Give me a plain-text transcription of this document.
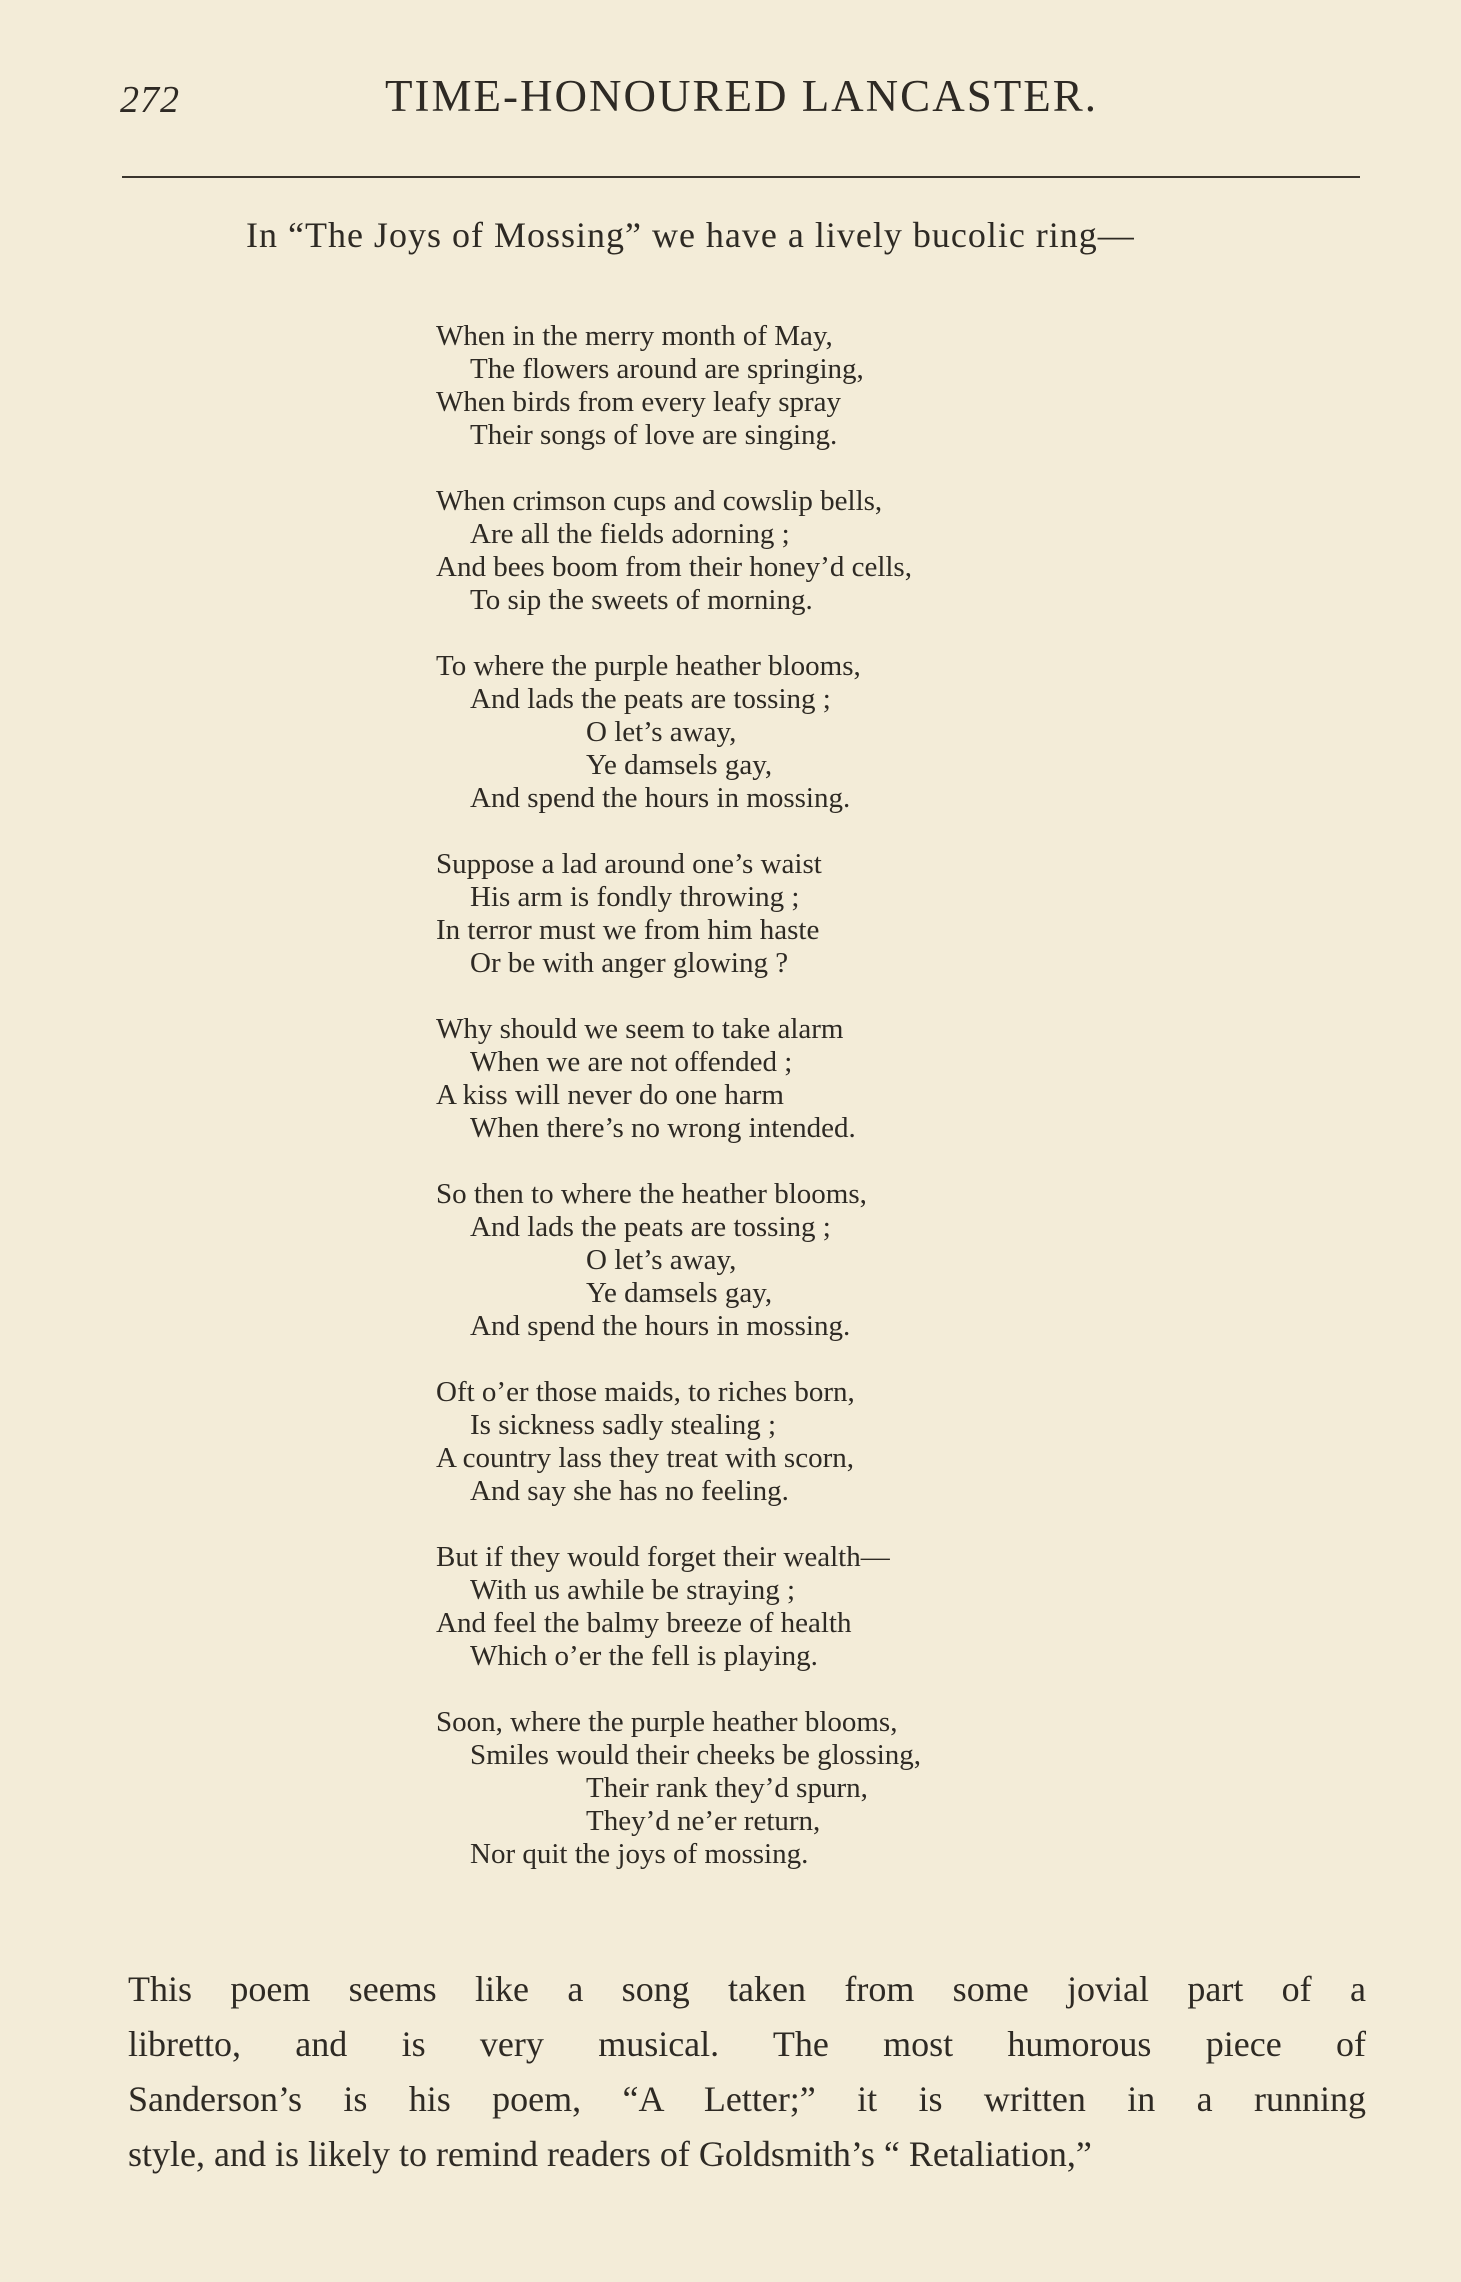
272	TIME-HONOURED LANCASTER.
In “The Joys of Mossing” we have a lively bucolic ring—
When in the merry month of May,
The flowers around are springing,
When birds from every leafy spray
Their songs of love are singing.
When crimson cups and cowslip bells,
Are all the fields adorning ;
And bees boom from their honey’d cells,
To sip the sweets of morning.
To where the purple heather blooms,
And lads the peats are tossing ;
O let’s away,
Ye damsels gay,
And spend the hours in mossing.
Suppose a lad around one’s waist
His arm is fondly throwing ;
In terror must we from him haste
Or be with anger glowing ?
Why should we seem to take alarm
When we are not offended ;
A kiss will never do one harm
When there’s no wrong intended.
So then to where the heather blooms,
And lads the peats are tossing ;
O let’s away,
Ye damsels gay,
And spend the hours in mossing.
Oft o’er those maids, to riches born,
Is sickness sadly stealing ;
A country lass they treat with scorn,
And say she has no feeling.
But if they would forget their wealth—
With us awhile be straying ;
And feel the balmy breeze of health
Which o’er the fell is playing.
Soon, where the purple heather blooms,
Smiles would their cheeks be glossing,
Their rank they’d spurn,
They’d ne’er return,
Nor quit the joys of mossing.
This poem seems like a song taken from some jovial part of a
libretto, and is very musical. The most humorous piece of
Sanderson’s is his poem, “A Letter;” it is written in a running
style, and is likely to remind readers of Goldsmith’s “ Retaliation,”
